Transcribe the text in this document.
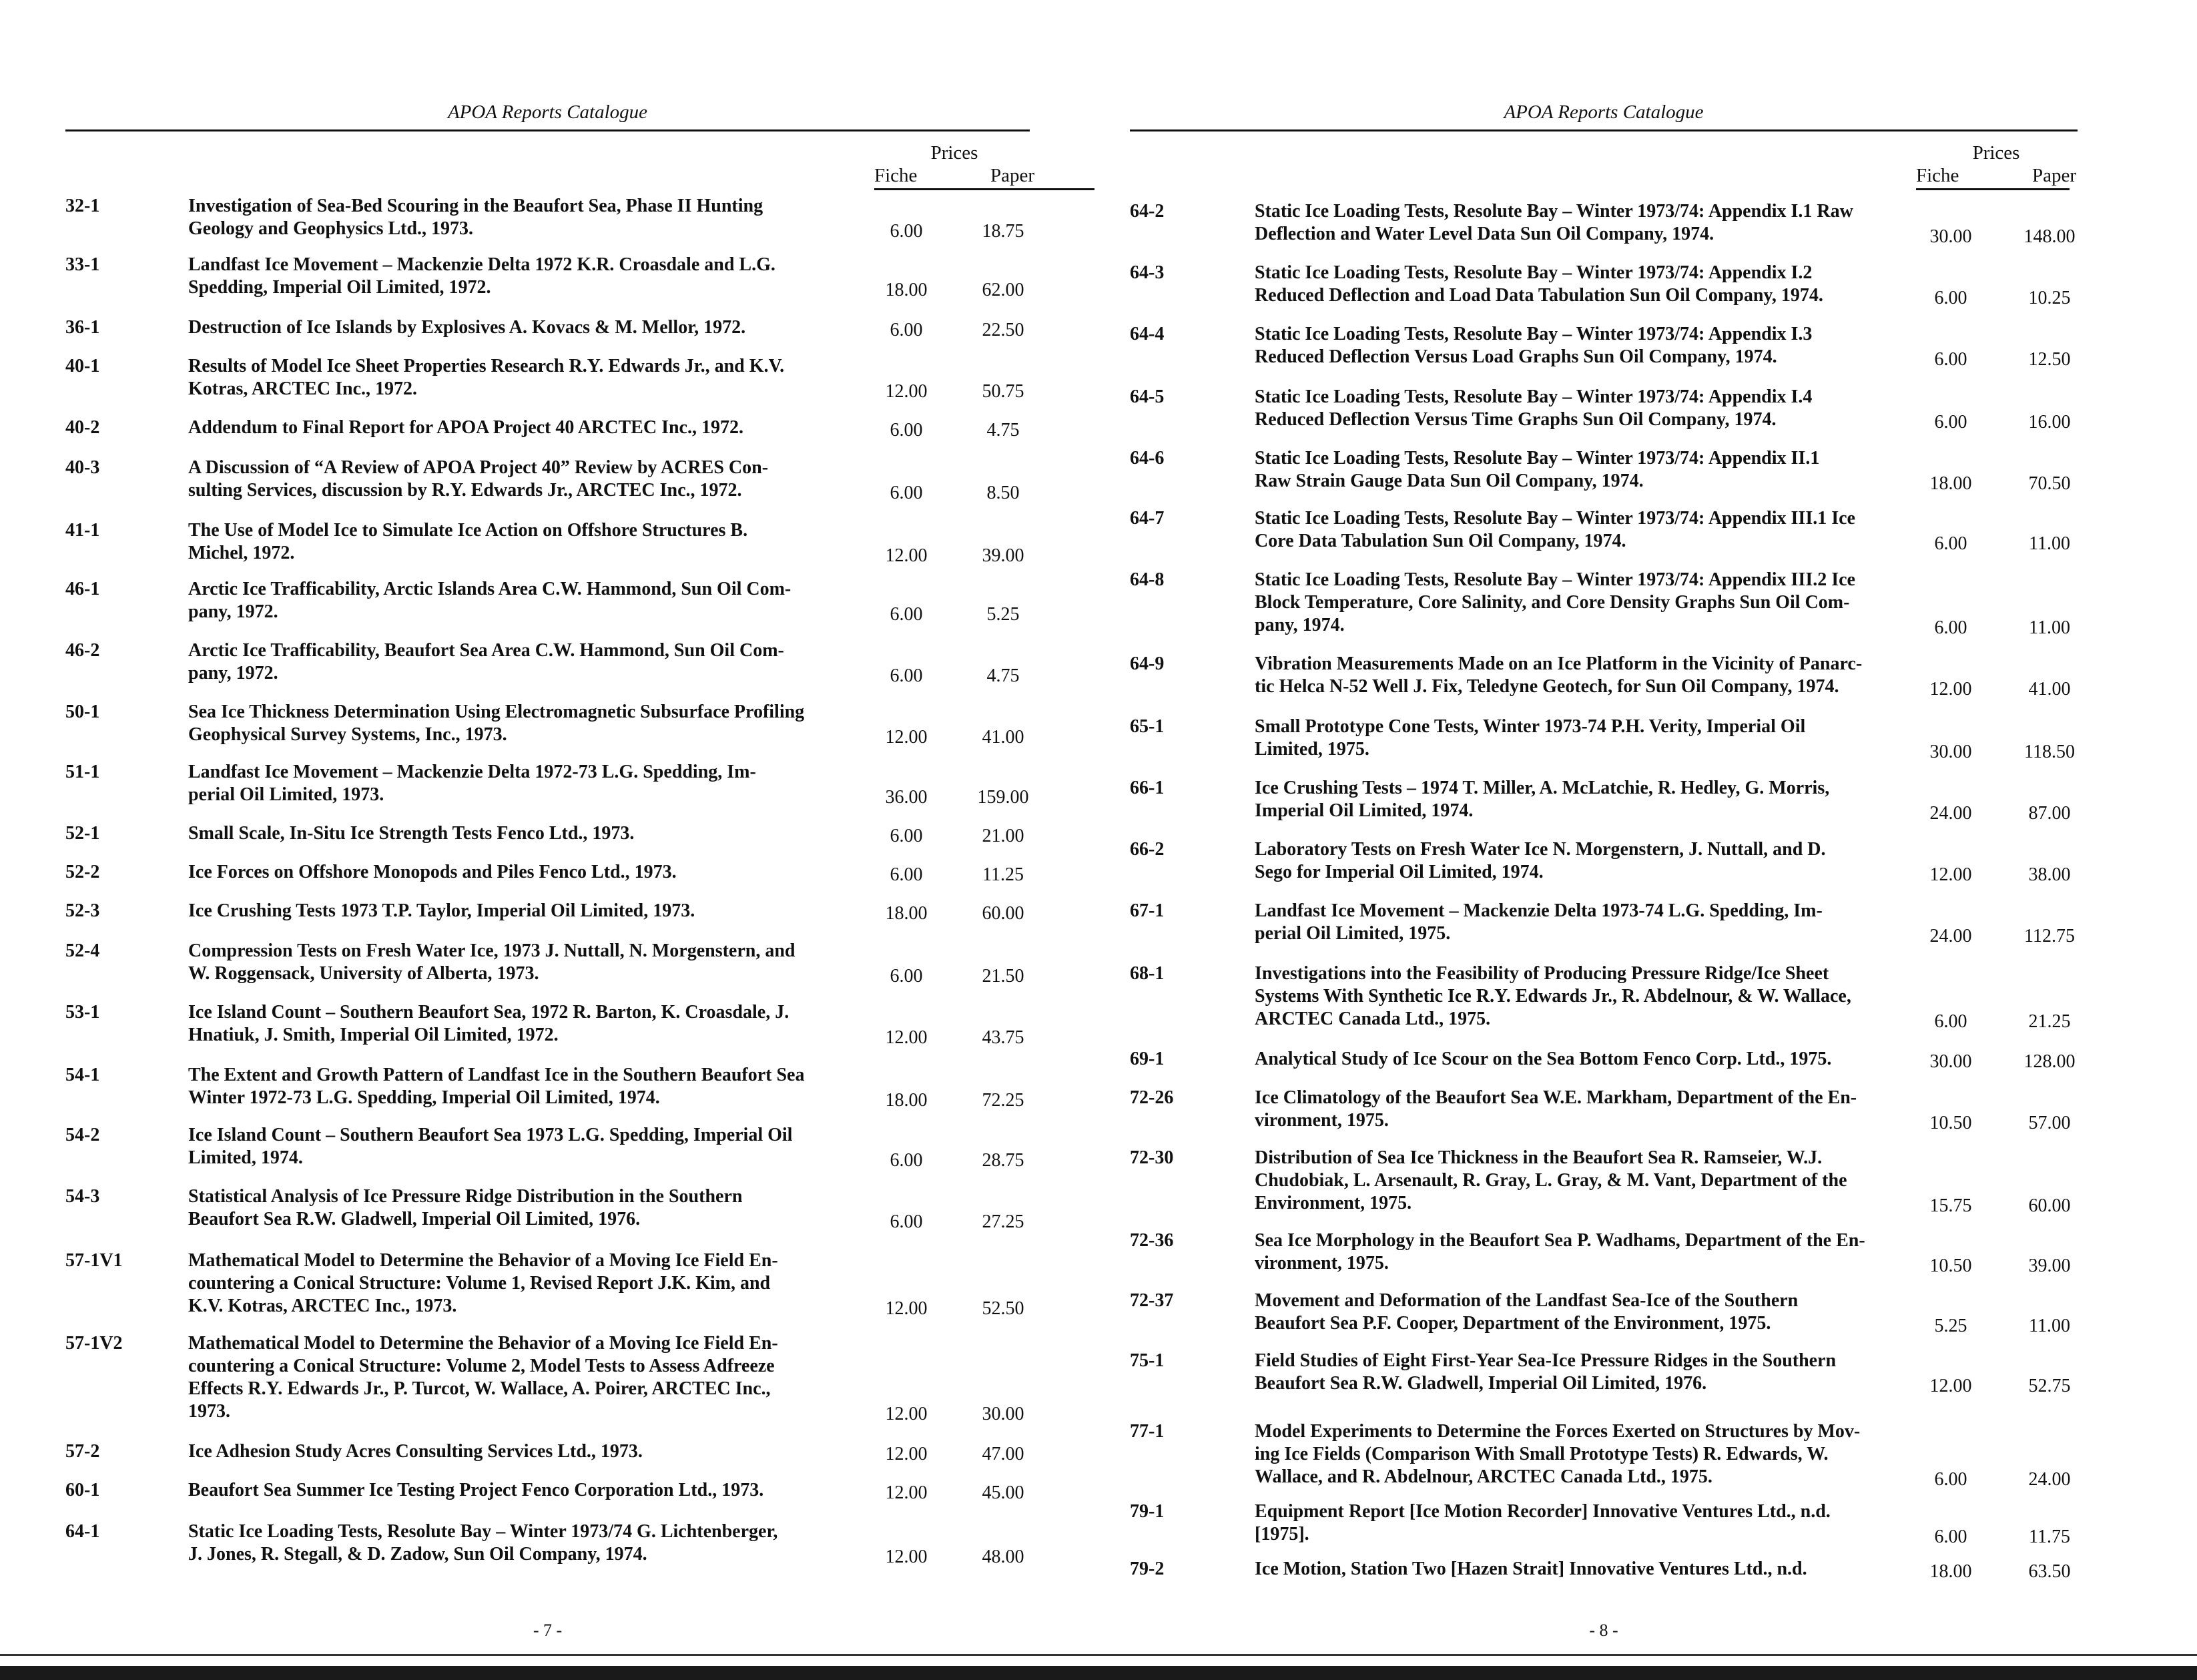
APOA Reports Catalogue
Prices
Fiche	Paper
32-1	Investigation of Sea-Bed Scouring in the Beaufort Sea, Phase II Hunting
Geology and Geophysics Ltd., 1973.	6.00	18.75
33-1	Landfast Ice Movement – Mackenzie Delta 1972 K.R. Croasdale and L.G.
Spedding, Imperial Oil Limited, 1972.	18.00	62.00
36-1	Destruction of Ice Islands by Explosives A. Kovacs & M. Mellor, 1972.	6.00	22.50
40-1	Results of Model Ice Sheet Properties Research R.Y. Edwards Jr., and K.V.
Kotras, ARCTEC Inc., 1972.	12.00	50.75
40-2	Addendum to Final Report for APOA Project 40 ARCTEC Inc., 1972.	6.00	4.75
40-3	A Discussion of “A Review of APOA Project 40” Review by ACRES Con-
sulting Services, discussion by R.Y. Edwards Jr., ARCTEC Inc., 1972.	6.00	8.50
41-1	The Use of Model Ice to Simulate Ice Action on Offshore Structures B.
Michel, 1972.	12.00	39.00
46-1	Arctic Ice Trafficability, Arctic Islands Area C.W. Hammond, Sun Oil Com-
pany, 1972.	6.00	5.25
46-2	Arctic Ice Trafficability, Beaufort Sea Area C.W. Hammond, Sun Oil Com-
pany, 1972.	6.00	4.75
50-1	Sea Ice Thickness Determination Using Electromagnetic Subsurface Profiling
Geophysical Survey Systems, Inc., 1973.	12.00	41.00
51-1	Landfast Ice Movement – Mackenzie Delta 1972-73 L.G. Spedding, Im-
perial Oil Limited, 1973.	36.00	159.00
52-1	Small Scale, In-Situ Ice Strength Tests Fenco Ltd., 1973.	6.00	21.00
52-2	Ice Forces on Offshore Monopods and Piles Fenco Ltd., 1973.	6.00	11.25
52-3	Ice Crushing Tests 1973 T.P. Taylor, Imperial Oil Limited, 1973.	18.00	60.00
52-4	Compression Tests on Fresh Water Ice, 1973 J. Nuttall, N. Morgenstern, and
W. Roggensack, University of Alberta, 1973.	6.00	21.50
53-1	Ice Island Count – Southern Beaufort Sea, 1972 R. Barton, K. Croasdale, J.
Hnatiuk, J. Smith, Imperial Oil Limited, 1972.	12.00	43.75
54-1	The Extent and Growth Pattern of Landfast Ice in the Southern Beaufort Sea
Winter 1972-73 L.G. Spedding, Imperial Oil Limited, 1974.	18.00	72.25
54-2	Ice Island Count – Southern Beaufort Sea 1973 L.G. Spedding, Imperial Oil
Limited, 1974.	6.00	28.75
54-3	Statistical Analysis of Ice Pressure Ridge Distribution in the Southern
Beaufort Sea R.W. Gladwell, Imperial Oil Limited, 1976.	6.00	27.25
57-1V1	Mathematical Model to Determine the Behavior of a Moving Ice Field En-
countering a Conical Structure: Volume 1, Revised Report J.K. Kim, and
K.V. Kotras, ARCTEC Inc., 1973.	12.00	52.50
57-1V2	Mathematical Model to Determine the Behavior of a Moving Ice Field En-
countering a Conical Structure: Volume 2, Model Tests to Assess Adfreeze
Effects R.Y. Edwards Jr., P. Turcot, W. Wallace, A. Poirer, ARCTEC Inc.,
1973.	12.00	30.00
57-2	Ice Adhesion Study Acres Consulting Services Ltd., 1973.	12.00	47.00
60-1	Beaufort Sea Summer Ice Testing Project Fenco Corporation Ltd., 1973.	12.00	45.00
64-1	Static Ice Loading Tests, Resolute Bay – Winter 1973/74 G. Lichtenberger,
J. Jones, R. Stegall, & D. Zadow, Sun Oil Company, 1974.	12.00	48.00
- 7 -
APOA Reports Catalogue
Prices
Fiche	Paper
64-2	Static Ice Loading Tests, Resolute Bay – Winter 1973/74: Appendix I.1 Raw
Deflection and Water Level Data Sun Oil Company, 1974.	30.00	148.00
64-3	Static Ice Loading Tests, Resolute Bay – Winter 1973/74: Appendix I.2
Reduced Deflection and Load Data Tabulation Sun Oil Company, 1974.	6.00	10.25
64-4	Static Ice Loading Tests, Resolute Bay – Winter 1973/74: Appendix I.3
Reduced Deflection Versus Load Graphs Sun Oil Company, 1974.	6.00	12.50
64-5	Static Ice Loading Tests, Resolute Bay – Winter 1973/74: Appendix I.4
Reduced Deflection Versus Time Graphs Sun Oil Company, 1974.	6.00	16.00
64-6	Static Ice Loading Tests, Resolute Bay – Winter 1973/74: Appendix II.1
Raw Strain Gauge Data Sun Oil Company, 1974.	18.00	70.50
64-7	Static Ice Loading Tests, Resolute Bay – Winter 1973/74: Appendix III.1 Ice
Core Data Tabulation Sun Oil Company, 1974.	6.00	11.00
64-8	Static Ice Loading Tests, Resolute Bay – Winter 1973/74: Appendix III.2 Ice
Block Temperature, Core Salinity, and Core Density Graphs Sun Oil Com-
pany, 1974.	6.00	11.00
64-9	Vibration Measurements Made on an Ice Platform in the Vicinity of Panarc-
tic Helca N-52 Well J. Fix, Teledyne Geotech, for Sun Oil Company, 1974.	12.00	41.00
65-1	Small Prototype Cone Tests, Winter 1973-74 P.H. Verity, Imperial Oil
Limited, 1975.	30.00	118.50
66-1	Ice Crushing Tests – 1974 T. Miller, A. McLatchie, R. Hedley, G. Morris,
Imperial Oil Limited, 1974.	24.00	87.00
66-2	Laboratory Tests on Fresh Water Ice N. Morgenstern, J. Nuttall, and D.
Sego for Imperial Oil Limited, 1974.	12.00	38.00
67-1	Landfast Ice Movement – Mackenzie Delta 1973-74 L.G. Spedding, Im-
perial Oil Limited, 1975.	24.00	112.75
68-1	Investigations into the Feasibility of Producing Pressure Ridge/Ice Sheet
Systems With Synthetic Ice R.Y. Edwards Jr., R. Abdelnour, & W. Wallace,
ARCTEC Canada Ltd., 1975.	6.00	21.25
69-1	Analytical Study of Ice Scour on the Sea Bottom Fenco Corp. Ltd., 1975.	30.00	128.00
72-26	Ice Climatology of the Beaufort Sea W.E. Markham, Department of the En-
vironment, 1975.	10.50	57.00
72-30	Distribution of Sea Ice Thickness in the Beaufort Sea R. Ramseier, W.J.
Chudobiak, L. Arsenault, R. Gray, L. Gray, & M. Vant, Department of the
Environment, 1975.	15.75	60.00
72-36	Sea Ice Morphology in the Beaufort Sea P. Wadhams, Department of the En-
vironment, 1975.	10.50	39.00
72-37	Movement and Deformation of the Landfast Sea-Ice of the Southern
Beaufort Sea P.F. Cooper, Department of the Environment, 1975.	5.25	11.00
75-1	Field Studies of Eight First-Year Sea-Ice Pressure Ridges in the Southern
Beaufort Sea R.W. Gladwell, Imperial Oil Limited, 1976.	12.00	52.75
77-1	Model Experiments to Determine the Forces Exerted on Structures by Mov-
ing Ice Fields (Comparison With Small Prototype Tests) R. Edwards, W.
Wallace, and R. Abdelnour, ARCTEC Canada Ltd., 1975.	6.00	24.00
79-1	Equipment Report [Ice Motion Recorder] Innovative Ventures Ltd., n.d.
[1975].	6.00	11.75
79-2	Ice Motion, Station Two [Hazen Strait] Innovative Ventures Ltd., n.d.	18.00	63.50
- 8 -
